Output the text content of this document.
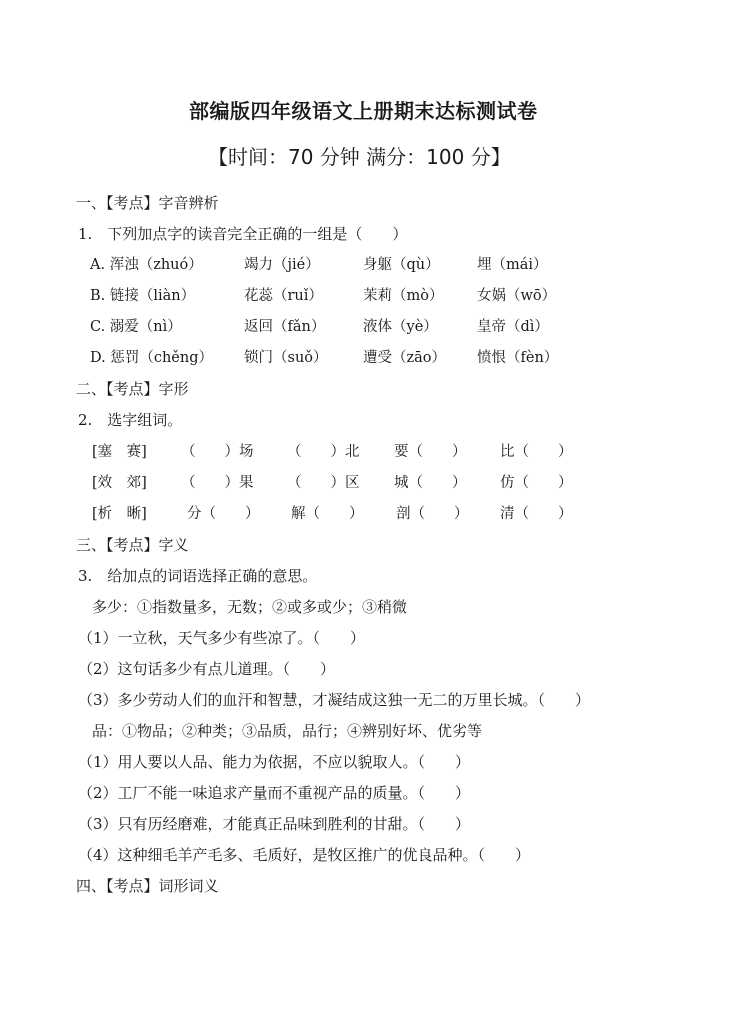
部编版四年级语文上册期末达标测试卷
【时间：70 分钟 满分：100 分】
一、【考点】字音辨析
1.　下列加点字的读音完全正确的一组是（　　）
A. 浑浊（zhuó）	竭力（jié）	身躯（qù）	埋（mái）
B. 链接（liàn）	花蕊（ruǐ）	茉莉（mò） 女娲（wō）
C. 溺爱（nì）	返回（fǎn）	液体（yè）	皇帝（dì）
D. 惩罚（chěng） 锁门（suǒ） 遭受（zāo） 愤恨（fèn）
二、【考点】字形
2.　选字组词。
[塞　赛] （　　）场 （　　）北 要（　　） 比（　　）
[效　郊] （　　）果 （　　）区 城（　　） 仿（　　）
[析　晰]	分（　　） 解（　　） 剖（　　） 清（　　）
三、【考点】字义
3.　给加点的词语选择正确的意思。
多少：①指数量多，无数；②或多或少；③稍微
（1）一立秋，天气多少有些凉了。（　　）
（2）这句话多少有点儿道理。（　　）
（3）多少劳动人们的血汗和智慧，才凝结成这独一无二的万里长城。（　　）
品：①物品；②种类；③品质，品行；④辨别好坏、优劣等
（1）用人要以人品、能力为依据，不应以貌取人。（　　）
（2）工厂不能一味追求产量而不重视产品的质量。（　　）
（3）只有历经磨难，才能真正品味到胜利的甘甜。（　　）
（4）这种细毛羊产毛多、毛质好，是牧区推广的优良品种。（　　）
四、【考点】词形词义
